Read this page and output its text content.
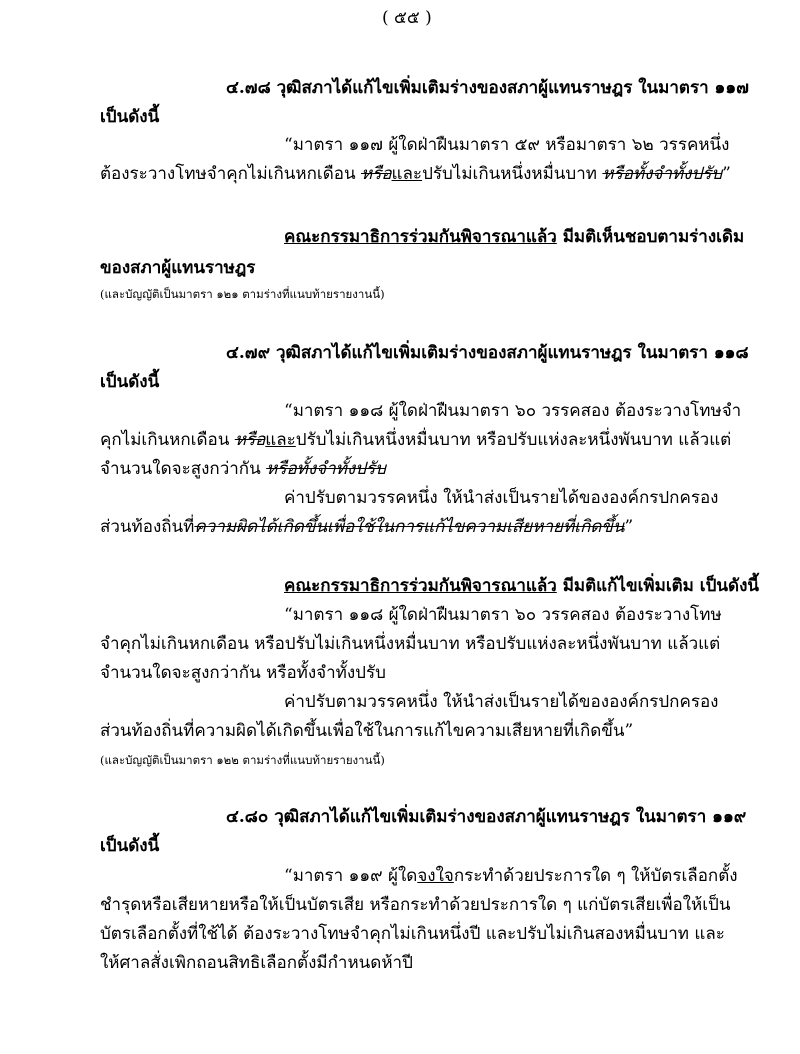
( ๕๕ )
๔.๗๘ วุฒิสภาได้แก้ไขเพิ่มเติมร่างของสภาผู้แทนราษฎร ในมาตรา ๑๑๗
เป็นดังนี้
“มาตรา ๑๑๗ ผู้ใดฝ่าฝืนมาตรา ๕๙ หรือมาตรา ๖๒ วรรคหนึ่ง
ต้องระวางโทษจำคุกไม่เกินหกเดือน หรือและปรับไม่เกินหนึ่งหมื่นบาท หรือทั้งจำทั้งปรับ”
คณะกรรมาธิการร่วมกันพิจารณาแล้ว มีมติเห็นชอบตามร่างเดิม
ของสภาผู้แทนราษฎร
(และบัญญัติเป็นมาตรา ๑๒๑ ตามร่างที่แนบท้ายรายงานนี้)
๔.๗๙ วุฒิสภาได้แก้ไขเพิ่มเติมร่างของสภาผู้แทนราษฎร ในมาตรา ๑๑๘
เป็นดังนี้
“มาตรา ๑๑๘ ผู้ใดฝ่าฝืนมาตรา ๖๐ วรรคสอง ต้องระวางโทษจำ
คุกไม่เกินหกเดือน หรือและปรับไม่เกินหนึ่งหมื่นบาท หรือปรับแห่งละหนึ่งพันบาท แล้วแต่
จำนวนใดจะสูงกว่ากัน หรือทั้งจำทั้งปรับ
ค่าปรับตามวรรคหนึ่ง ให้นำส่งเป็นรายได้ขององค์กรปกครอง
ส่วนท้องถิ่นที่ความผิดได้เกิดขึ้นเพื่อใช้ในการแก้ไขความเสียหายที่เกิดขึ้น”
คณะกรรมาธิการร่วมกันพิจารณาแล้ว มีมติแก้ไขเพิ่มเติม เป็นดังนี้
“มาตรา ๑๑๘ ผู้ใดฝ่าฝืนมาตรา ๖๐ วรรคสอง ต้องระวางโทษ
จำคุกไม่เกินหกเดือน หรือปรับไม่เกินหนึ่งหมื่นบาท หรือปรับแห่งละหนึ่งพันบาท แล้วแต่
จำนวนใดจะสูงกว่ากัน หรือทั้งจำทั้งปรับ
ค่าปรับตามวรรคหนึ่ง ให้นำส่งเป็นรายได้ขององค์กรปกครอง
ส่วนท้องถิ่นที่ความผิดได้เกิดขึ้นเพื่อใช้ในการแก้ไขความเสียหายที่เกิดขึ้น”
(และบัญญัติเป็นมาตรา ๑๒๒ ตามร่างที่แนบท้ายรายงานนี้)
๔.๘๐ วุฒิสภาได้แก้ไขเพิ่มเติมร่างของสภาผู้แทนราษฎร ในมาตรา ๑๑๙
เป็นดังนี้
“มาตรา ๑๑๙ ผู้ใดจงใจกระทำด้วยประการใด ๆ ให้บัตรเลือกตั้ง
ชำรุดหรือเสียหายหรือให้เป็นบัตรเสีย หรือกระทำด้วยประการใด ๆ แก่บัตรเสียเพื่อให้เป็น
บัตรเลือกตั้งที่ใช้ได้ ต้องระวางโทษจำคุกไม่เกินหนึ่งปี และปรับไม่เกินสองหมื่นบาท และ
ให้ศาลสั่งเพิกถอนสิทธิเลือกตั้งมีกำหนดห้าปี
